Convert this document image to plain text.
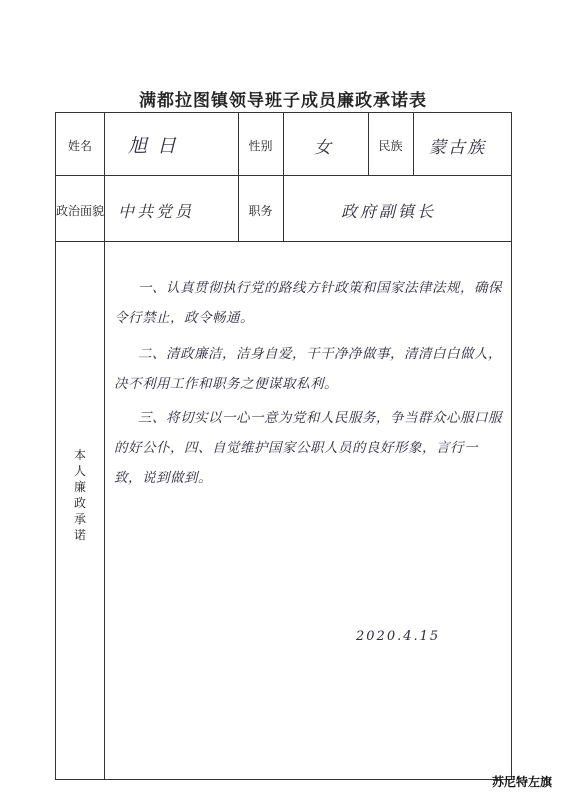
满都拉图镇领导班子成员廉政承诺表
姓名	旭日	性别	女	民族	蒙古族
政治面貌 中共党员	职务	政府副镇长
本
人
廉
政
承
诺
一、认真贯彻执行党的路线方针政策和国家法律法规，确保令行禁止，政令畅通。
二、清政廉洁，洁身自爱，干干净净做事，清清白白做人，决不利用工作和职务之便谋取私利。
三、将切实以一心一意为党和人民服务，争当群众心服口服的好公仆，四、自觉维护国家公职人员的良好形象，言行一致，说到做到。
2020.4.15
苏尼特左旗
